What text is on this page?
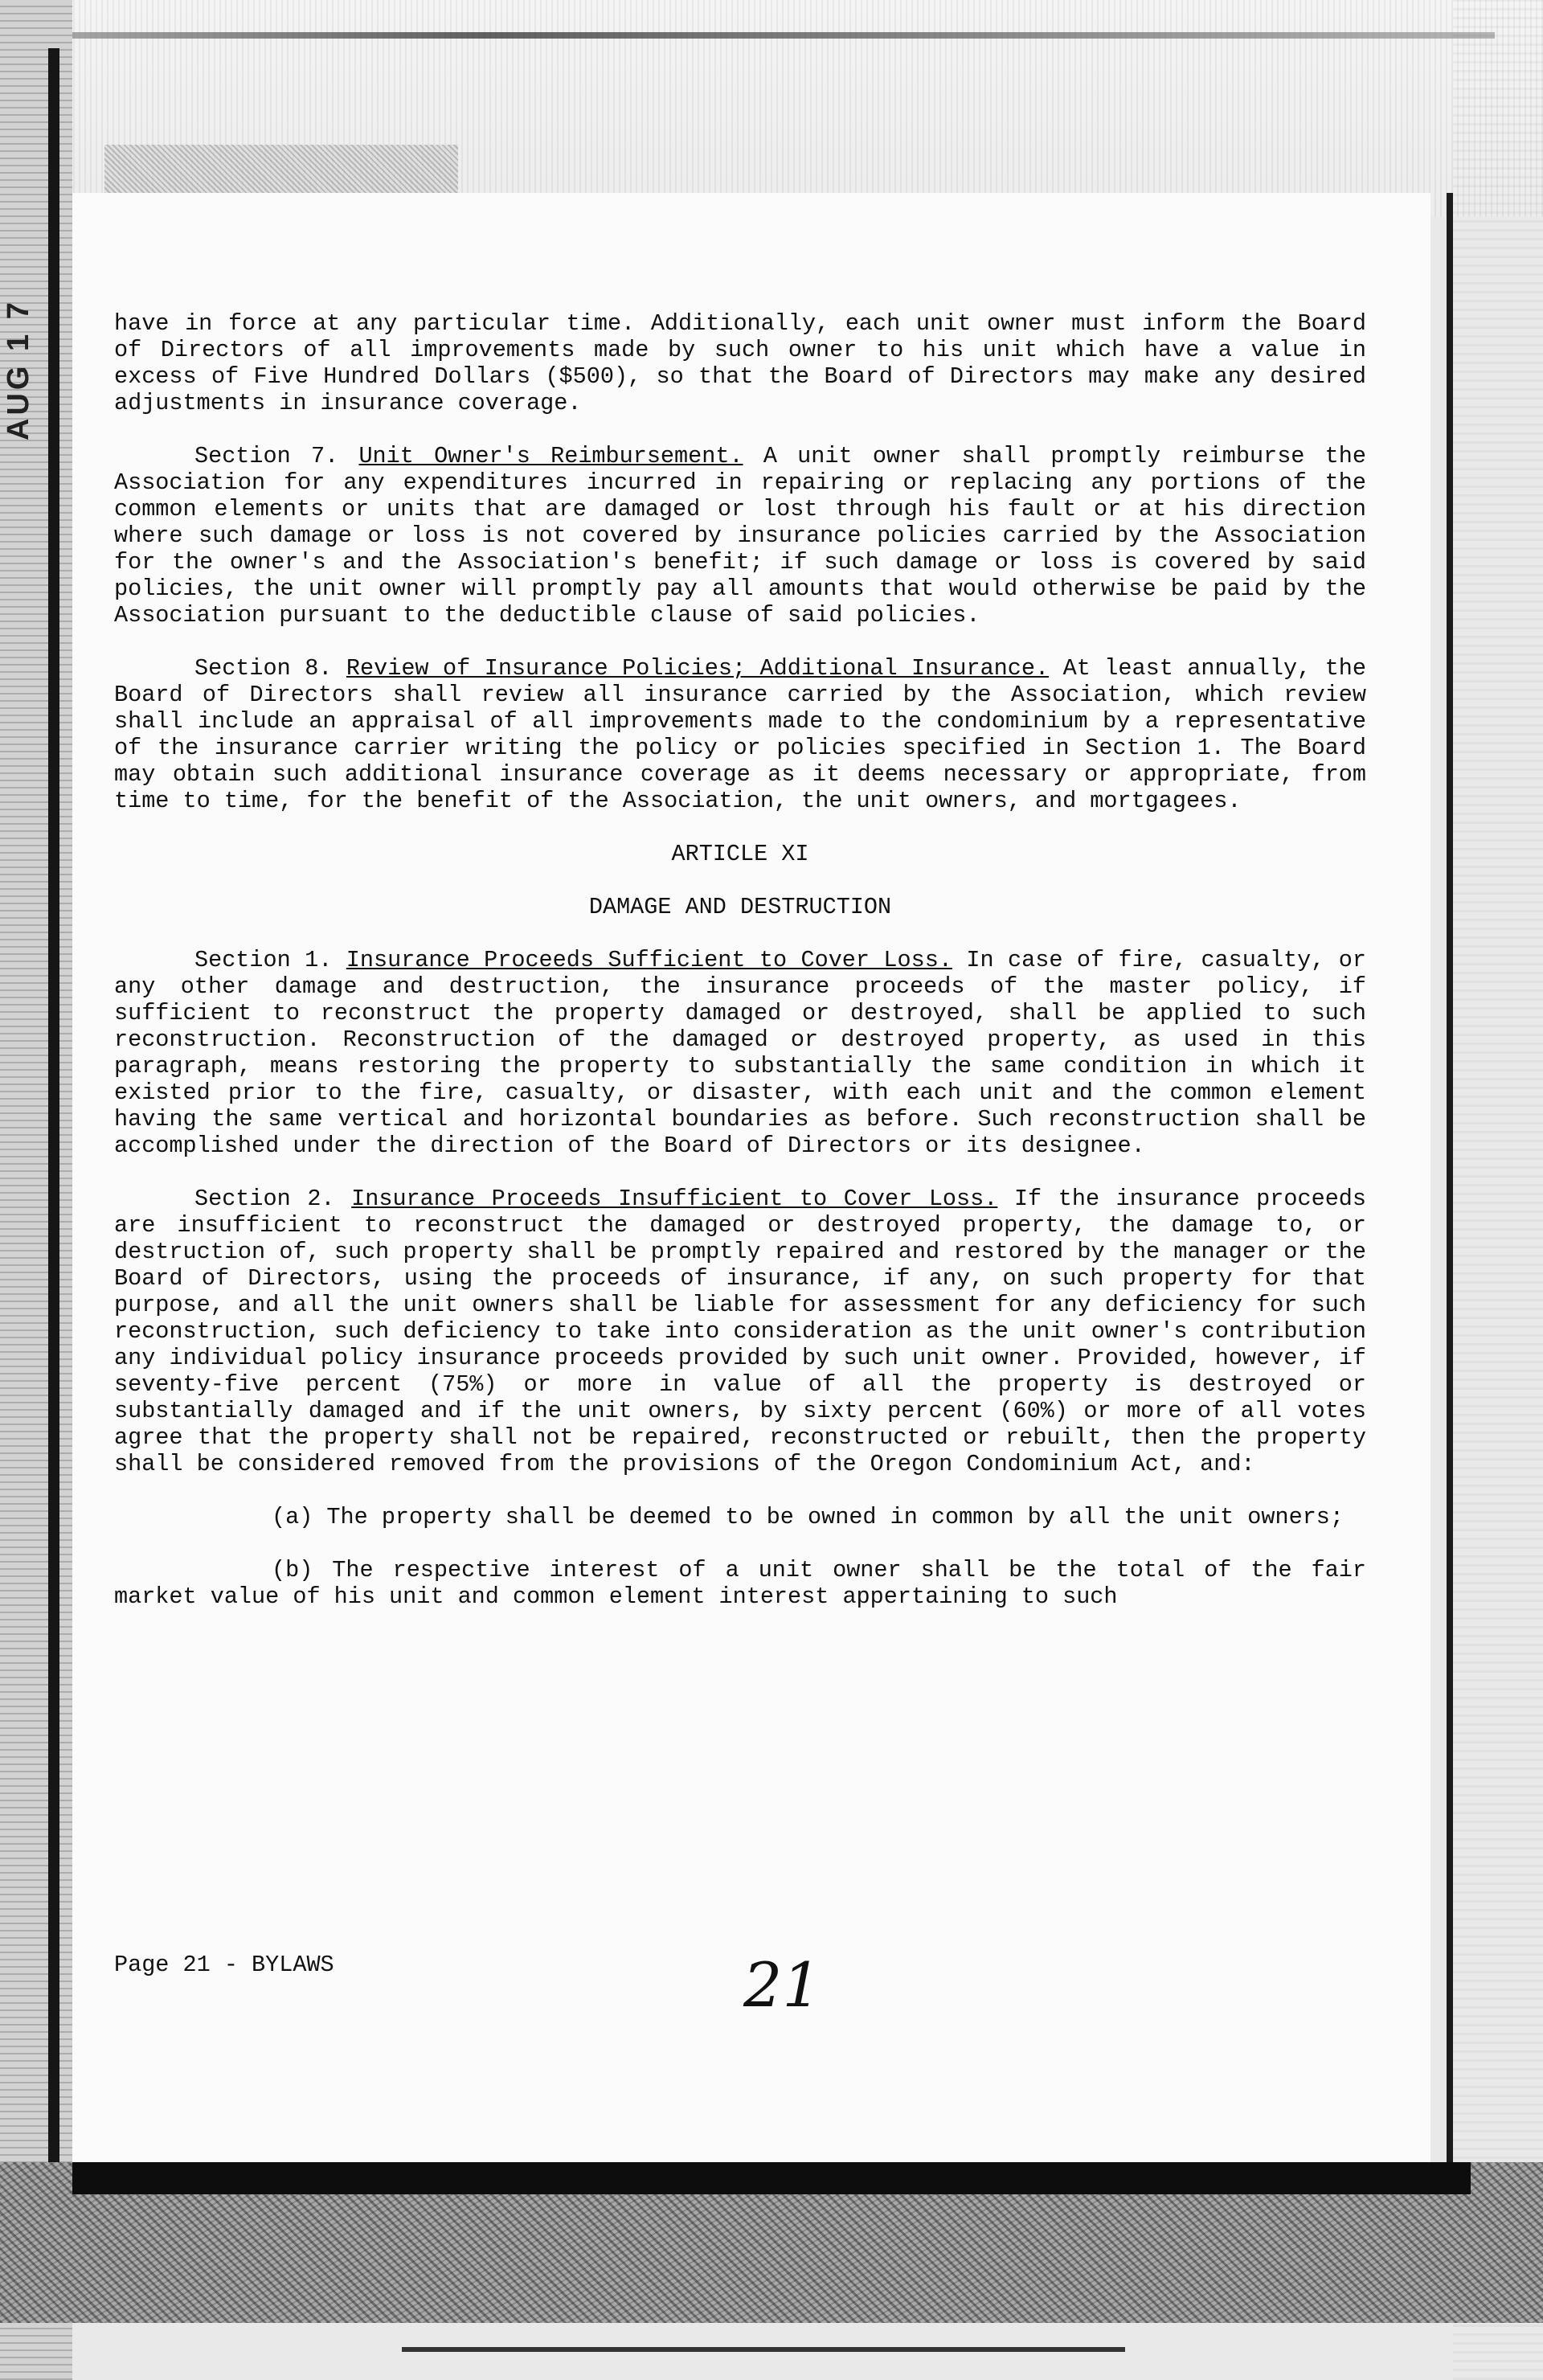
AUG 1 7	have in force at any particular time. Additionally, each unit owner must inform the Board of Directors of all improvements made by such owner to his unit which have a value in excess of Five Hundred Dollars ($500), so that the Board of Directors may make any desired adjustments in insurance coverage.

Section 7. Unit Owner's Reimbursement. A unit owner shall promptly reimburse the Association for any expenditures incurred in repairing or replacing any portions of the common elements or units that are damaged or lost through his fault or at his direction where such damage or loss is not covered by insurance policies carried by the Association for the owner's and the Association's benefit; if such damage or loss is covered by said policies, the unit owner will promptly pay all amounts that would otherwise be paid by the Association pursuant to the deductible clause of said policies.

Section 8. Review of Insurance Policies; Additional Insurance. At least annually, the Board of Directors shall review all insurance carried by the Association, which review shall include an appraisal of all improvements made to the condominium by a representative of the insurance carrier writing the policy or policies specified in Section 1. The Board may obtain such additional insurance coverage as it deems necessary or appropriate, from time to time, for the benefit of the Association, the unit owners, and mortgagees.

ARTICLE XI
DAMAGE AND DESTRUCTION

Section 1. Insurance Proceeds Sufficient to Cover Loss. In case of fire, casualty, or any other damage and destruction, the insurance proceeds of the master policy, if sufficient to reconstruct the property damaged or destroyed, shall be applied to such reconstruction. Reconstruction of the damaged or destroyed property, as used in this paragraph, means restoring the property to substantially the same condition in which it existed prior to the fire, casualty, or disaster, with each unit and the common element having the same vertical and horizontal boundaries as before. Such reconstruction shall be accomplished under the direction of the Board of Directors or its designee.

Section 2. Insurance Proceeds Insufficient to Cover Loss. If the insurance proceeds are insufficient to reconstruct the damaged or destroyed property, the damage to, or destruction of, such property shall be promptly repaired and restored by the manager or the Board of Directors, using the proceeds of insurance, if any, on such property for that purpose, and all the unit owners shall be liable for assessment for any deficiency for such reconstruction, such deficiency to take into consideration as the unit owner's contribution any individual policy insurance proceeds provided by such unit owner. Provided, however, if seventy-five percent (75%) or more in value of all the property is destroyed or substantially damaged and if the unit owners, by sixty percent (60%) or more of all votes agree that the property shall not be repaired, reconstructed or rebuilt, then the property shall be considered removed from the provisions of the Oregon Condominium Act, and:

(a) The property shall be deemed to be owned in common by all the unit owners;

(b) The respective interest of a unit owner shall be the total of the fair market value of his unit and common element interest appertaining to such

Page 21 - BYLAWS	21
